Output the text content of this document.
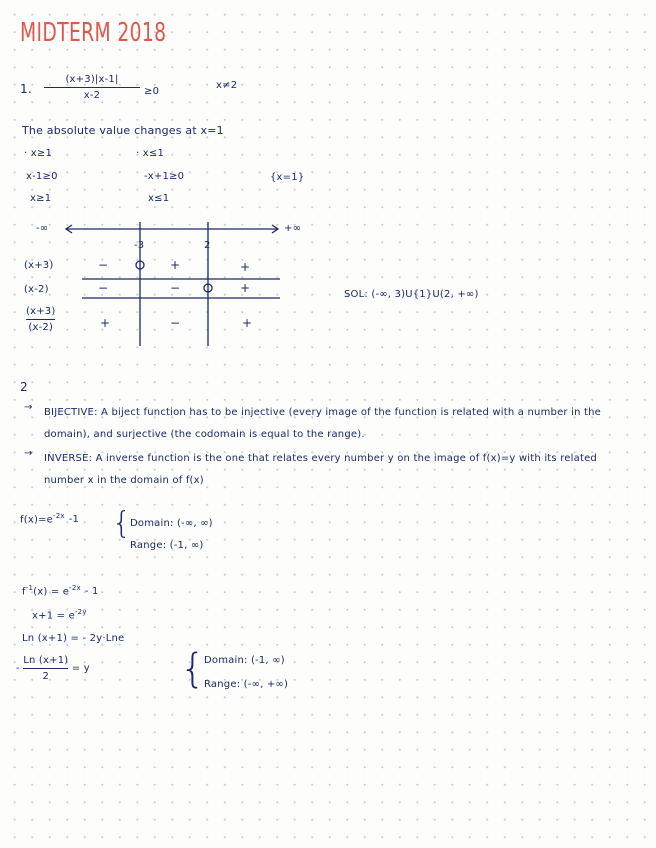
MIDTERM 2018
1. $\frac{(x+3)|x-1|}{x-2} \ge 0$
x≠2
The absolute value changes at x=1
· x≥1
x-1≥0
x≥1
· x≤1
-x+1≥0
x≤1
{x=1}
-∞	+∞
-3	2
(x+3)	−	+	+
(x-2)	−	−	+
$\frac{(x+3)}{(x-2)}$	+	−	+
SOL: (-∞, 3)U{1}U(2, +∞)
2
→ BIJECTIVE: A biject function has to be injective (every image of the function is related with a number in the domain), and surjective (the codomain is equal to the range).
→ INVERSE: A inverse function is the one that relates every number y on the image of f(x)=y with its related number x in the domain of f(x)
$f(x)=e^{-2x}$ -1 {
Domain: (-∞, ∞)
Range: (-1, ∞)
$f^{-1}(x) = e^{-2x} - 1$
$x+1 = e^{-2y}$
Ln (x+1) = - 2y·Lne
- $\frac{Ln (x+1)}{2} = y$ {
Domain: (-1, ∞)
Range: (-∞, +∞)
